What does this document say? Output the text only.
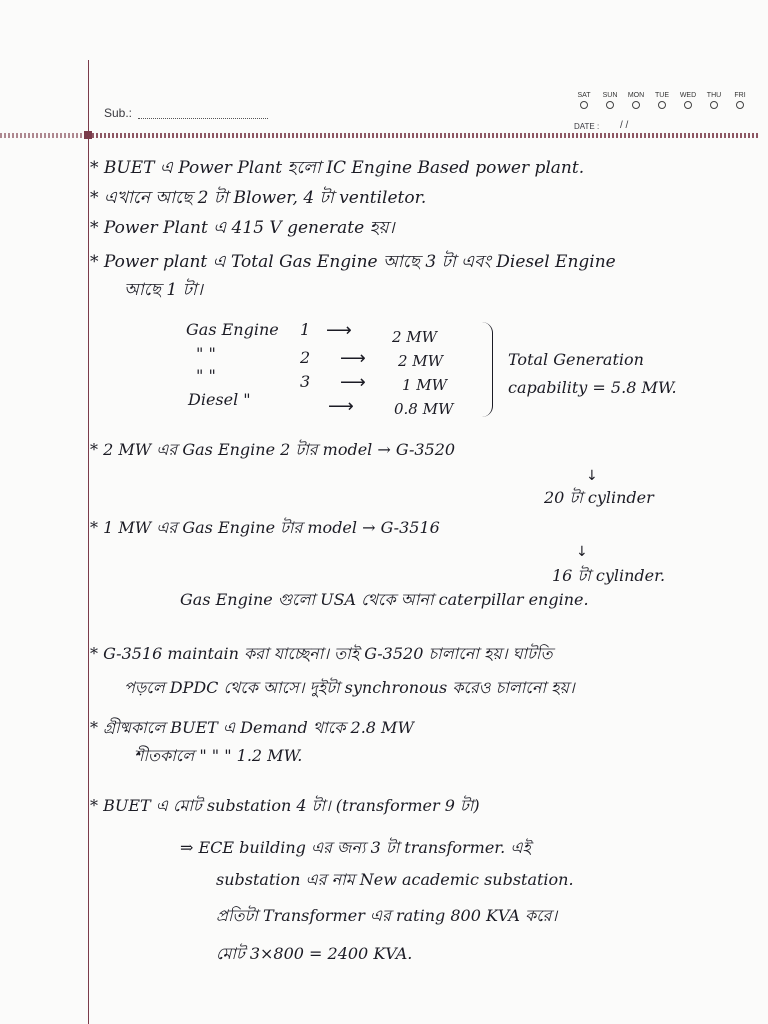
Sub.:
SAT SUN MON TUE WED THU FRI
DATE : / /
* BUET এ Power Plant হলো IC Engine Based power plant.
* এখানে আছে 2 টা Blower, 4 টা ventiletor.
* Power Plant এ 415 V generate হয়।
* Power plant এ Total Gas Engine আছে 3 টা এবং Diesel Engine
আছে 1 টা।
Gas Engine 1 ⟶	2 MW
" "	2 ⟶ 2 MW
" "	3 ⟶ 1 MW
Diesel "	⟶	0.8 MW
Total Generation
capability = 5.8 MW.
* 2 MW এর Gas Engine 2 টার model → G-3520
↓
20 টা cylinder
* 1 MW এর Gas Engine টার model → G-3516
↓
16 টা cylinder.
Gas Engine গুলো USA থেকে আনা caterpillar engine.
* G-3516 maintain করা যাচ্ছেনা। তাই G-3520 চালানো হয়। ঘাটতি
পড়লে DPDC থেকে আসে। দুইটা synchronous করেও চালানো হয়।
* গ্রীষ্মকালে BUET এ Demand থাকে 2.8 MW
শীতকালে " " " 1.2 MW.
* BUET এ মোট substation 4 টা। (transformer 9 টা)
⇒ ECE building এর জন্য 3 টা transformer. এই
substation এর নাম New academic substation.
প্রতিটা Transformer এর rating 800 KVA করে।
মোট 3×800 = 2400 KVA.
